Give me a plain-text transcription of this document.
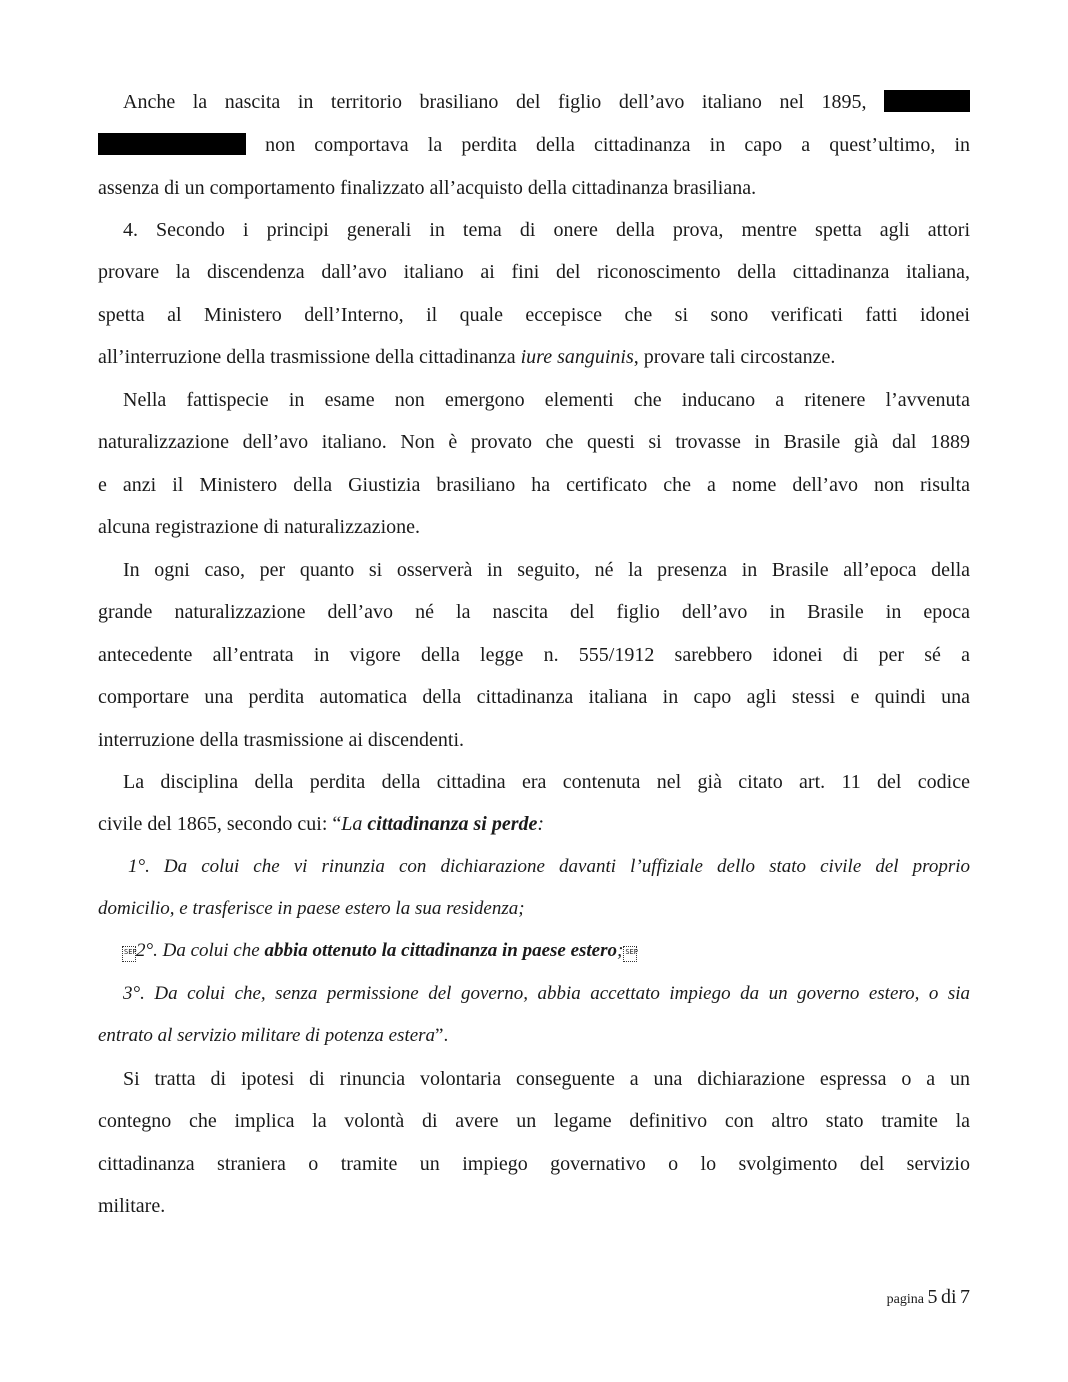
Anche la nascita in territorio brasiliano del figlio dell’avo italiano nel 1895,
non comportava la perdita della cittadinanza in capo a quest’ultimo, in
assenza di un comportamento finalizzato all’acquisto della cittadinanza brasiliana.
4. Secondo i principi generali in tema di onere della prova, mentre spetta agli attori
provare la discendenza dall’avo italiano ai fini del riconoscimento della cittadinanza italiana,
spetta al Ministero dell’Interno, il quale eccepisce che si sono verificati fatti idonei
all’interruzione della trasmissione della cittadinanza iure sanguinis, provare tali circostanze.
Nella fattispecie in esame non emergono elementi che inducano a ritenere l’avvenuta
naturalizzazione dell’avo italiano. Non è provato che questi si trovasse in Brasile già dal 1889
e anzi il Ministero della Giustizia brasiliano ha certificato che a nome dell’avo non risulta
alcuna registrazione di naturalizzazione.
In ogni caso, per quanto si osserverà in seguito, né la presenza in Brasile all’epoca della
grande naturalizzazione dell’avo né la nascita del figlio dell’avo in Brasile in epoca
antecedente all’entrata in vigore della legge n. 555/1912 sarebbero idonei di per sé a
comportare una perdita automatica della cittadinanza italiana in capo agli stessi e quindi una
interruzione della trasmissione ai discendenti.
La disciplina della perdita della cittadina era contenuta nel già citato art. 11 del codice
civile del 1865, secondo cui: “La cittadinanza si perde:
1°. Da colui che vi rinunzia con dichiarazione davanti l’uffiziale dello stato civile del proprio
domicilio, e trasferisce in paese estero la sua residenza;
SEP2°. Da colui che abbia ottenuto la cittadinanza in paese estero; SEP
3°. Da colui che, senza permissione del governo, abbia accettato impiego da un governo estero, o sia
entrato al servizio militare di potenza estera”.
Si tratta di ipotesi di rinuncia volontaria conseguente a una dichiarazione espressa o a un
contegno che implica la volontà di avere un legame definitivo con altro stato tramite la
cittadinanza straniera o tramite un impiego governativo o lo svolgimento del servizio
militare.
pagina 5 di 7
